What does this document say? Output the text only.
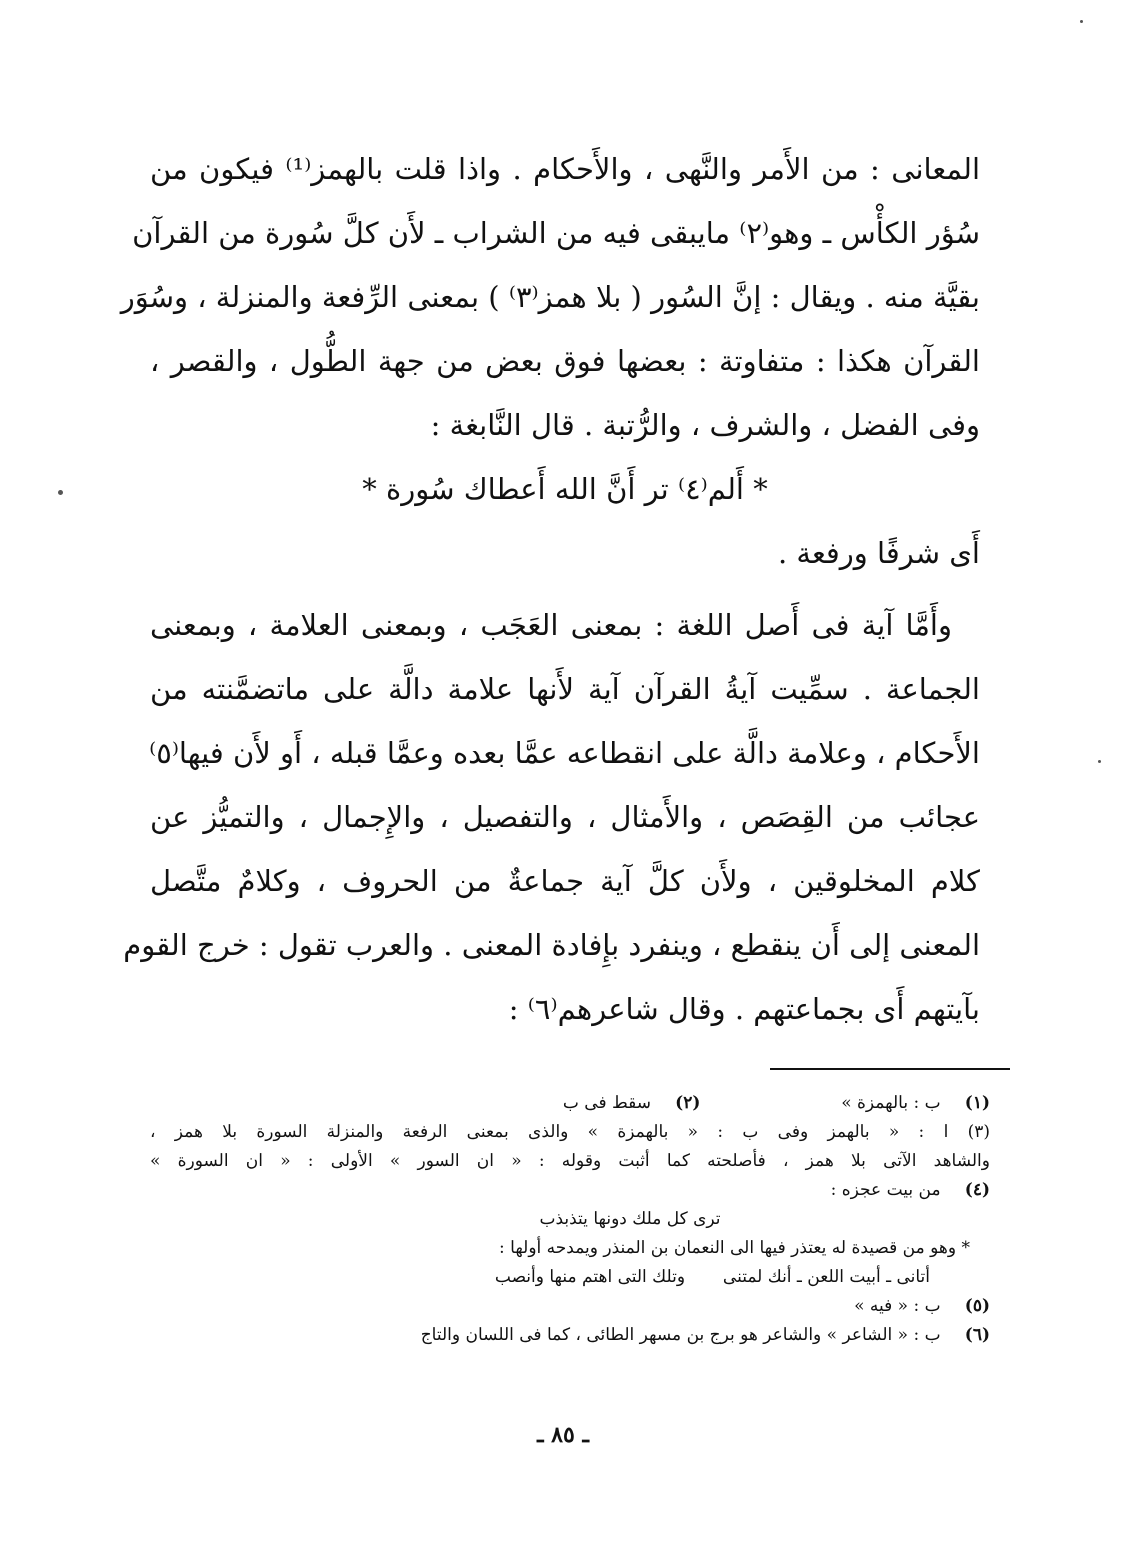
المعانى : من الأَمر والنَّهى ، والأَحكام . واذا قلت بالهمز⁽¹⁾ فيكون من
سُؤر الكأْس ـ وهو⁽٢⁾ مايبقى فيه من الشراب ـ لأَن كلَّ سُورة من القرآن
بقيَّة منه . ويقال : إنَّ السُور ( بلا همز⁽٣⁾ ) بمعنى الرِّفعة والمنزلة ، وسُوَر
القرآن هكذا : متفاوتة : بعضها فوق بعض من جهة الطُّول ، والقصر ،
وفى الفضل ، والشرف ، والرُّتبة . قال النَّابغة :
* أَلم⁽٤⁾ تر أَنَّ الله أَعطاك سُورة *
أَى شرفًا ورفعة .
وأَمَّا آية فى أَصل اللغة : بمعنى العَجَب ، وبمعنى العلامة ، وبمعنى
الجماعة . سمِّيت آيةُ القرآن آية لأَنها علامة دالَّة على ماتضمَّنته من
الأَحكام ، وعلامة دالَّة على انقطاعه عمَّا بعده وعمَّا قبله ، أَو لأَن فيها⁽٥⁾
عجائب من القِصَص ، والأَمثال ، والتفصيل ، والإِجمال ، والتميُّز عن
كلام المخلوقين ، ولأَن كلَّ آية جماعةٌ من الحروف ، وكلامٌ متَّصل
المعنى إلى أَن ينقطع ، وينفرد بإِفادة المعنى . والعرب تقول : خرج القوم
بآيتهم أَى بجماعتهم . وقال شاعرهم⁽٦⁾ :
(١) ب : بالهمزة »  (٢) سقط فى ب
(٣) ا : « بالهمز وفى ب : « بالهمزة » والذى بمعنى الرفعة والمنزلة السورة بلا همز ،
والشاهد الآتى بلا همز ، فأصلحته كما أثبت وقوله : « ان السور » الأولى : « ان السورة »
(٤) من بيت عجزه :
ترى كل ملك دونها يتذبذب
* وهو من قصيدة له يعتذر فيها الى النعمان بن المنذر ويمدحه أولها :
أتانى ـ أبيت اللعن ـ أنك لمتنى       وتلك التى اهتم منها وأنصب
(٥) ب : « فيه »
(٦) ب : « الشاعر » والشاعر هو برج بن مسهر الطائى ، كما فى اللسان والتاج
ـ ٨٥ ـ
